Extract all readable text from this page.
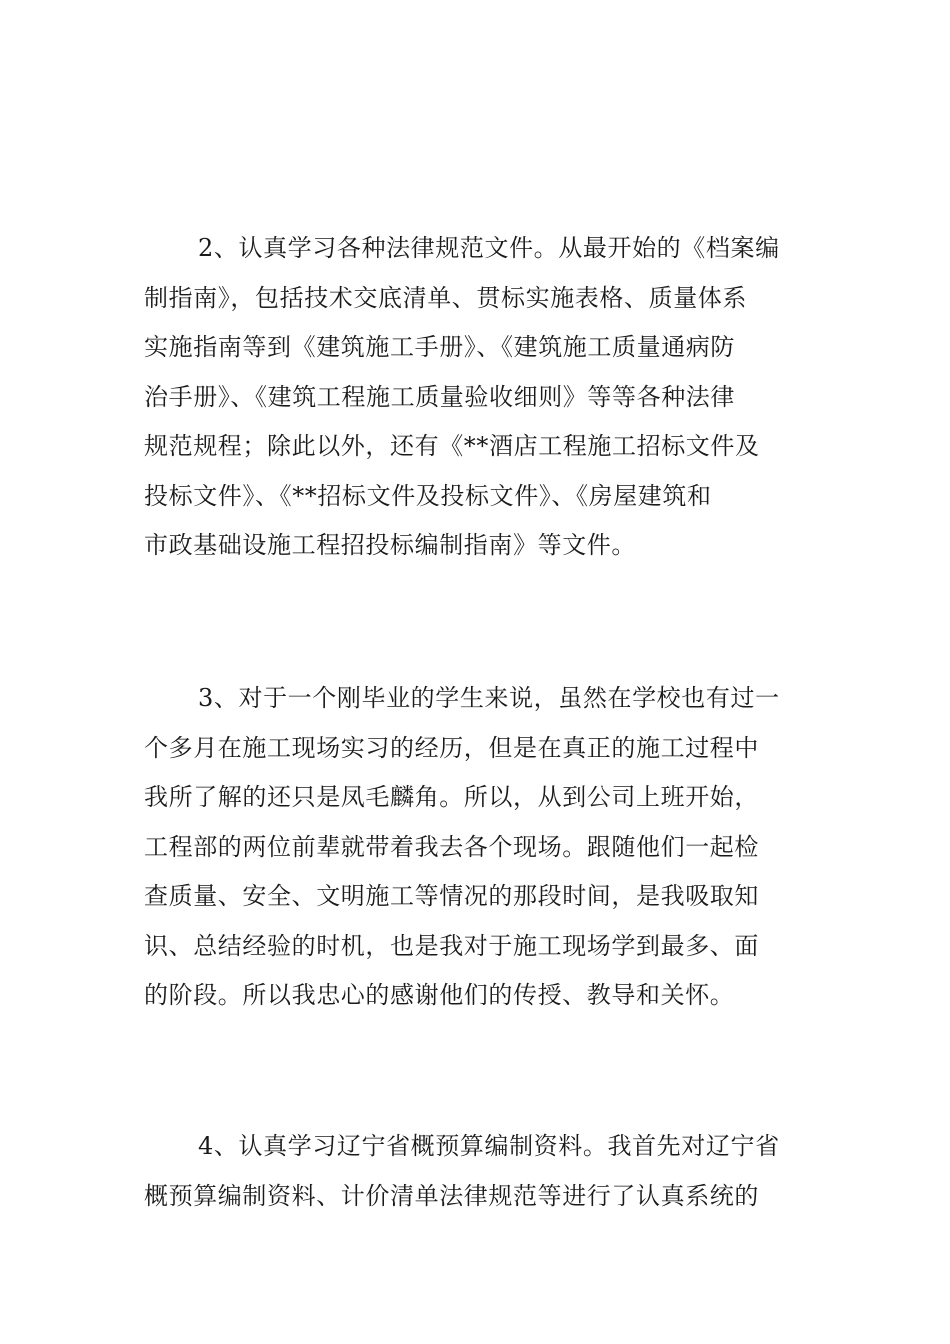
2、认真学习各种法律规范文件。从最开始的《档案编
制指南》，包括技术交底清单、贯标实施表格、质量体系
实施指南等到《建筑施工手册》、《建筑施工质量通病防
治手册》、《建筑工程施工质量验收细则》等等各种法律
规范规程；除此以外，还有《**酒店工程施工招标文件及
投标文件》、《**招标文件及投标文件》、《房屋建筑和
市政基础设施工程招投标编制指南》等文件。

3、对于一个刚毕业的学生来说，虽然在学校也有过一
个多月在施工现场实习的经历，但是在真正的施工过程中
我所了解的还只是凤毛麟角。所以，从到公司上班开始，
工程部的两位前辈就带着我去各个现场。跟随他们一起检
查质量、安全、文明施工等情况的那段时间，是我吸取知
识、总结经验的时机，也是我对于施工现场学到最多、面
的阶段。所以我忠心的感谢他们的传授、教导和关怀。

4、认真学习辽宁省概预算编制资料。我首先对辽宁省
概预算编制资料、计价清单法律规范等进行了认真系统的
